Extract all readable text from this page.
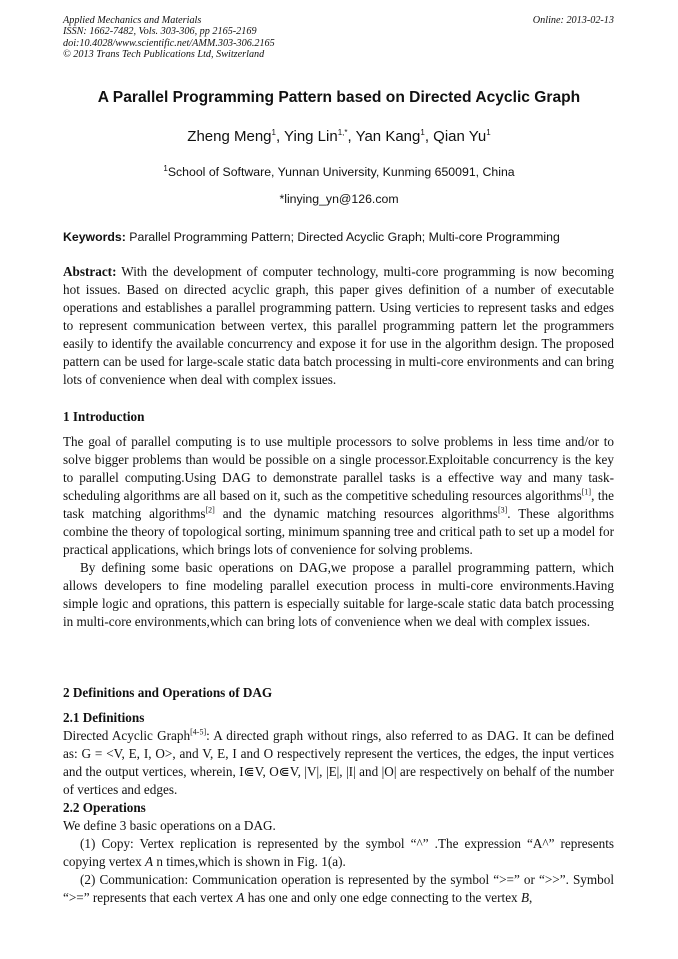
Applied Mechanics and Materials
ISSN: 1662-7482, Vols. 303-306, pp 2165-2169
doi:10.4028/www.scientific.net/AMM.303-306.2165
© 2013 Trans Tech Publications Ltd, Switzerland
Online: 2013-02-13
A Parallel Programming Pattern based on Directed Acyclic Graph
Zheng Meng$^1$, Ying Lin$^{1,*}$, Yan Kang$^1$, Qian Yu$^1$
$^1$School of Software, Yunnan University, Kunming 650091, China
*linying_yn@126.com
Keywords: Parallel Programming Pattern; Directed Acyclic Graph; Multi-core Programming

Abstract: With the development of computer technology, multi-core programming is now becoming hot issues. Based on directed acyclic graph, this paper gives definition of a number of executable operations and establishes a parallel programming pattern. Using verticies to represent tasks and edges to represent communication between vertex, this parallel programming pattern let the programmers easily to identify the available concurrency and expose it for use in the algorithm design. The proposed pattern can be used for large-scale static data batch processing in multi-core environments and can bring lots of convenience when deal with complex issues.

1 Introduction

The goal of parallel computing is to use multiple processors to solve problems in less time and/or to solve bigger problems than would be possible on a single processor.Exploitable concurrency is the key to parallel computing.Using DAG to demonstrate parallel tasks is a effective way and many task-scheduling algorithms are all based on it, such as the competitive scheduling resources algorithms[1], the task matching algorithms[2] and the dynamic matching resources algorithms[3]. These algorithms combine the theory of topological sorting, minimum spanning tree and critical path to set up a model for practical applications, which brings lots of convenience for solving problems.

By defining some basic operations on DAG,we propose a parallel programming pattern, which allows developers to fine modeling parallel execution process in multi-core environments.Having simple logic and oprations, this pattern is especially suitable for large-scale static data batch processing in multi-core environments,which can bring lots of convenience when we deal with complex issues.

2 Definitions and Operations of DAG

2.1 Definitions

Directed Acyclic Graph[4-5]: A directed graph without rings, also referred to as DAG. It can be defined as: G = <V, E, I, O>, and V, E, I and O respectively represent the vertices, the edges, the input vertices and the output vertices, wherein, I⋐V, O⋐V, |V|, |E|, |I| and |O| are respectively on behalf of the number of vertices and edges.

2.2 Operations

We define 3 basic operations on a DAG.

(1) Copy: Vertex replication is represented by the symbol “^” .The expression “A^” represents copying vertex A n times,which is shown in Fig. 1(a).

(2) Communication: Communication operation is represented by the symbol “>=” or “>>”. Symbol “>=” represents that each vertex A has one and only one edge connecting to the vertex B,
